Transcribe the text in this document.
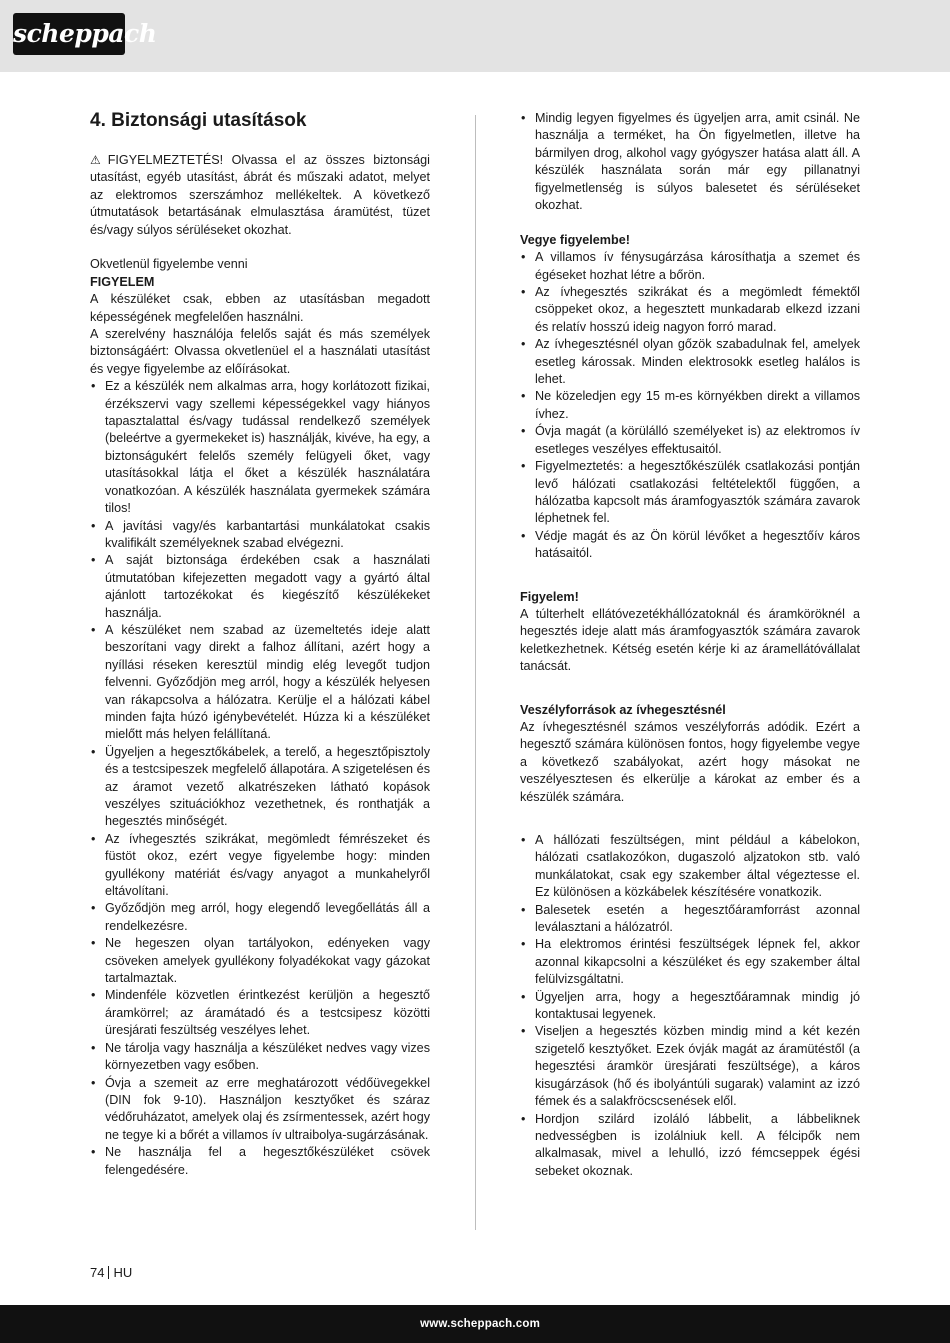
scheppach
4. Biztonsági utasítások

⚠ FIGYELMEZTETÉS! Olvassa el az összes biztonsági utasítást, egyéb utasítást, ábrát és műszaki adatot, melyet az elektromos szerszámhoz mellékeltek. A következő útmutatások betartásának elmulasztása áramütést, tüzet és/vagy súlyos sérüléseket okozhat.

Okvetlenül figyelembe venni

FIGYELEM

A készüléket csak, ebben az utasításban megadott képességének megfelelően használni.

A szerelvény használója felelős saját és más személyek biztonságáért: Olvassa okvetlenüel el a használati utasítást és vegye figyelembe az előírásokat.

• Ez a készülék nem alkalmas arra, hogy korlátozott fizikai, érzékszervi vagy szellemi képességekkel vagy hiányos tapasztalattal és/vagy tudással rendelkező személyek (beleértve a gyermekeket is) használják, kivéve, ha egy, a biztonságukért felelős személy felügyeli őket, vagy utasításokkal látja el őket a készülék használatára vonatkozóan. A készülék használata gyermekek számára tilos!
• A javítási vagy/és karbantartási munkálatokat csakis kvalifikált személyeknek szabad elvégezni.
• A saját biztonsága érdekében csak a használati útmutatóban kifejezetten megadott vagy a gyártó által ajánlott tartozékokat és kiegészítő készülékeket használja.
• A készüléket nem szabad az üzemeltetés ideje alatt beszorítani vagy direkt a falhoz állítani, azért hogy a nyíllási réseken keresztül mindig elég levegőt tudjon felvenni. Győződjön meg arról, hogy a készülék helyesen van rákapcsolva a hálózatra. Kerülje el a hálózati kábel minden fajta húzó igénybevételét. Húzza ki a készüléket mielőtt más helyen felállítaná.
• Ügyeljen a hegesztőkábelek, a terelő, a hegesztőpisztoly és a testcsipeszek megfelelő állapotára. A szigetelésen és az áramot vezető alkatrészeken látható kopások veszélyes szituációkhoz vezethetnek, és ronthatják a hegesztés minőségét.
• Az ívhegesztés szikrákat, megömledt fémrészeket és füstöt okoz, ezért vegye figyelembe hogy: minden gyullékony matériát és/vagy anyagot a munkahelyről eltávolítani.
• Győződjön meg arról, hogy elegendő levegőellátás áll a rendelkezésre.
• Ne hegeszen olyan tartályokon, edényeken vagy csöveken amelyek gyullékony folyadékokat vagy gázokat tartalmaztak.
• Mindenféle közvetlen érintkezést kerüljön a hegesztő áramkörrel; az áramátadó és a testcsipesz közötti üresjárati feszültség veszélyes lehet.
• Ne tárolja vagy használja a készüléket nedves vagy vizes környezetben vagy esőben.
• Óvja a szemeit az erre meghatározott védőüvegekkel (DIN fok 9-10). Használjon kesztyőket és száraz védőruházatot, amelyek olaj és zsírmentessek, azért hogy ne tegye ki a bőrét a villamos ív ultraibolya-sugárzásának.
• Ne használja fel a hegesztőkészüléket csövek felengedésére.
• Mindig legyen figyelmes és ügyeljen arra, amit csinál. Ne használja a terméket, ha Ön figyelmetlen, illetve ha bármilyen drog, alkohol vagy gyógyszer hatása alatt áll. A készülék használata során már egy pillanatnyi figyelmetlenség is súlyos balesetet és sérüléseket okozhat.

Vegye figyelembe!

• A villamos ív fénysugárzása károsíthatja a szemet és égéseket hozhat létre a bőrön.
• Az ívhegesztés szikrákat és a megömledt fémektől csöppeket okoz, a hegesztett munkadarab elkezd izzani és relatív hosszú ideig nagyon forró marad.
• Az ívhegesztésnél olyan gőzök szabadulnak fel, amelyek esetleg károssak. Minden elektrosokk esetleg halálos is lehet.
• Ne közeledjen egy 15 m-es környékben direkt a villamos ívhez.
• Óvja magát (a körülálló személyeket is) az elektromos ív esetleges veszélyes effektusaitól.
• Figyelmeztetés: a hegesztőkészülék csatlakozási pontján levő hálózati csatlakozási feltételektől függően, a hálózatba kapcsolt más áramfogyasztók számára zavarok léphetnek fel.
• Védje magát és az Ön körül lévőket a hegesztőív káros hatásaitól.

Figyelem!

A túlterhelt ellátóvezetékhállózatoknál és áramköröknél a hegesztés ideje alatt más áramfogyasztók számára zavarok keletkezhetnek. Kétség esetén kérje ki az áramellátóvállalat tanácsát.

Veszélyforrások az ívhegesztésnél

Az ívhegesztésnél számos veszélyforrás adódik. Ezért a hegesztő számára különösen fontos, hogy figyelembe vegye a következő szabályokat, azért hogy másokat ne veszélyesztesen és elkerülje a károkat az ember és a készülék számára.

• A hállózati feszültségen, mint például a kábelokon, hálózati csatlakozókon, dugaszoló aljzatokon stb. való munkálatokat, csak egy szakember által végeztesse el. Ez különösen a közkábelek készítésére vonatkozik.
• Balesetek esetén a hegesztőáramforrást azonnal leválasztani a hálózatról.
• Ha elektromos érintési feszültségek lépnek fel, akkor azonnal kikapcsolni a készüléket és egy szakember által felülvizsgáltatni.
• Ügyeljen arra, hogy a hegesztőáramnak mindig jó kontaktusai legyenek.
• Viseljen a hegesztés közben mindig mind a két kezén szigetelő kesztyőket. Ezek óvják magát az áramütéstől (a hegesztési áramkör üresjárati feszültsége), a káros kisugárzások (hő és ibolyántúli sugarak) valamint az izzó fémek és a salakfröcscsenések elől.
• Hordjon szilárd izoláló lábbelit, a lábbeliknek nedvességben is izolálniuk kell. A félcipők nem alkalmasak, mivel a lehulló, izzó fémcseppek égési sebeket okoznak.
74 HU
www.scheppach.com
